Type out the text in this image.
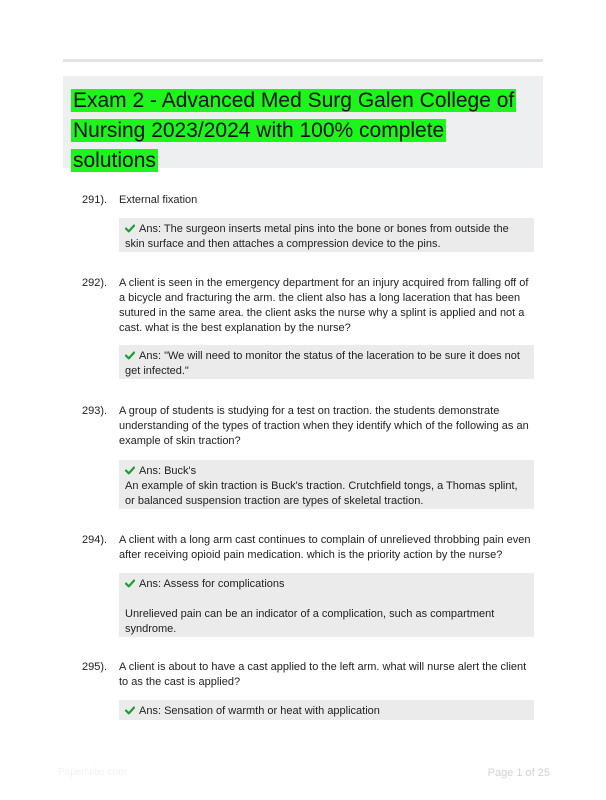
Exam 2 - Advanced Med Surg Galen College of
Nursing 2023/2024 with 100% complete
solutions
291). External fixation
Ans: The surgeon inserts metal pins into the bone or bones from outside the skin surface and then attaches a compression device to the pins.
292). A client is seen in the emergency department for an injury acquired from falling off of a bicycle and fracturing the arm. the client also has a long laceration that has been sutured in the same area. the client asks the nurse why a splint is applied and not a cast. what is the best explanation by the nurse?
Ans: "We will need to monitor the status of the laceration to be sure it does not get infected."
293). A group of students is studying for a test on traction. the students demonstrate understanding of the types of traction when they identify which of the following as an example of skin traction?
Ans: Buck's
An example of skin traction is Buck's traction. Crutchfield tongs, a Thomas splint, or balanced suspension traction are types of skeletal traction.
294). A client with a long arm cast continues to complain of unrelieved throbbing pain even after receiving opioid pain medication. which is the priority action by the nurse?
Ans: Assess for complications
Unrelieved pain can be an indicator of a complication, such as compartment syndrome.
295). A client is about to have a cast applied to the left arm. what will nurse alert the client to as the cast is applied?
Ans: Sensation of warmth or heat with application
PaperNibs.com	Page 1 of 25
